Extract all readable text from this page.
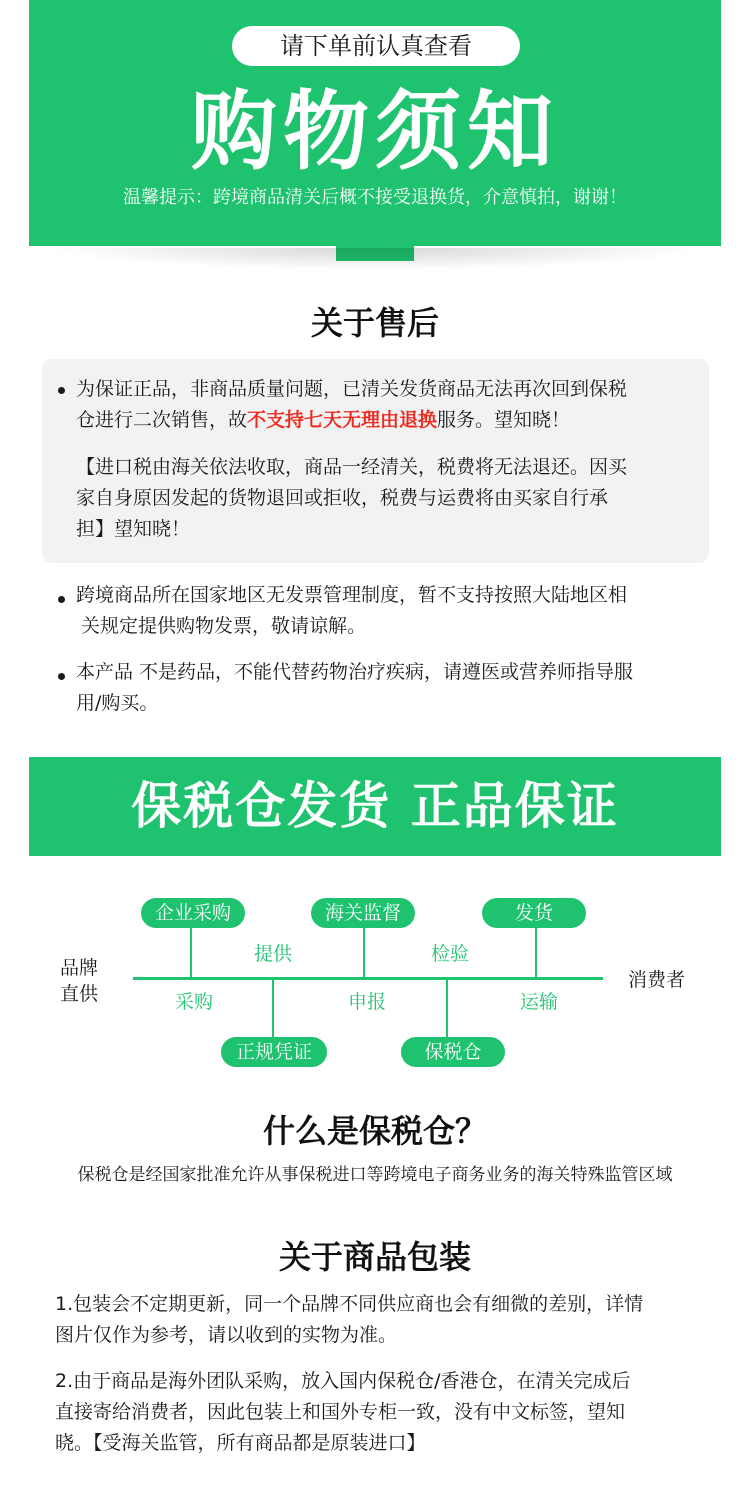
请下单前认真查看
购物须知
温馨提示：跨境商品清关后概不接受退换货，介意慎拍，谢谢！
关于售后
为保证正品，非商品质量问题，已清关发货商品无法再次回到保税
仓进行二次销售，故不支持七天无理由退换服务。望知晓！
【进口税由海关依法收取，商品一经清关，税费将无法退还。因买
家自身原因发起的货物退回或拒收，税费与运费将由买家自行承
担】望知晓！
跨境商品所在国家地区无发票管理制度，暂不支持按照大陆地区相
关规定提供购物发票，敬请谅解。
本产品 不是药品，不能代替药物治疗疾病，请遵医或营养师指导服
用/购买。
保税仓发货 正品保证
品牌
直供
消费者
企业采购	海关监督	发货
正规凭证	保税仓
提供	检验
采购	申报	运输
什么是保税仓？
保税仓是经国家批准允许从事保税进口等跨境电子商务业务的海关特殊监管区域
关于商品包装
1.包装会不定期更新，同一个品牌不同供应商也会有细微的差别，详情
图片仅作为参考，请以收到的实物为准。
2.由于商品是海外团队采购，放入国内保税仓/香港仓，在清关完成后
直接寄给消费者，因此包装上和国外专柜一致，没有中文标签，望知
晓。【受海关监管，所有商品都是原装进口】
